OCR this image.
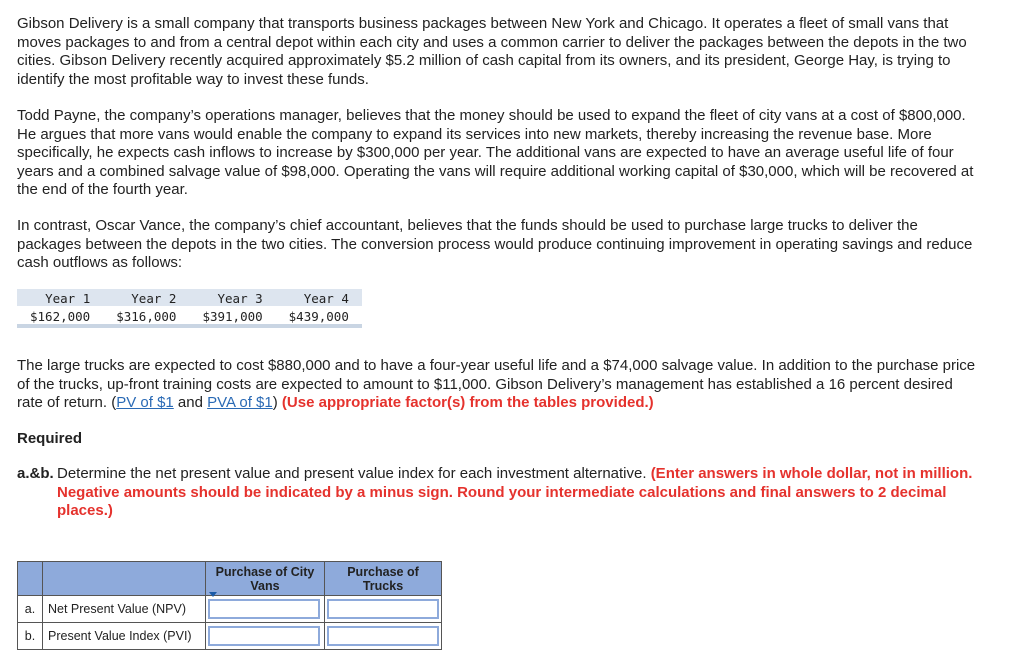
Gibson Delivery is a small company that transports business packages between New York and Chicago. It operates a fleet of small vans that moves packages to and from a central depot within each city and uses a common carrier to deliver the packages between the depots in the two cities. Gibson Delivery recently acquired approximately $5.2 million of cash capital from its owners, and its president, George Hay, is trying to identify the most profitable way to invest these funds.
Todd Payne, the company’s operations manager, believes that the money should be used to expand the fleet of city vans at a cost of $800,000. He argues that more vans would enable the company to expand its services into new markets, thereby increasing the revenue base. More specifically, he expects cash inflows to increase by $300,000 per year. The additional vans are expected to have an average useful life of four years and a combined salvage value of $98,000. Operating the vans will require additional working capital of $30,000, which will be recovered at the end of the fourth year.
In contrast, Oscar Vance, the company’s chief accountant, believes that the funds should be used to purchase large trucks to deliver the packages between the depots in the two cities. The conversion process would produce continuing improvement in operating savings and reduce cash outflows as follows:
Year 1	Year 2	Year 3	Year 4
$162,000	$316,000	$391,000	$439,000
The large trucks are expected to cost $880,000 and to have a four-year useful life and a $74,000 salvage value. In addition to the purchase price of the trucks, up-front training costs are expected to amount to $11,000. Gibson Delivery’s management has established a 16 percent desired rate of return. (PV of $1 and PVA of $1) (Use appropriate factor(s) from the tables provided.)
Required
a.&b. Determine the net present value and present value index for each investment alternative. (Enter answers in whole dollar, not in million. Negative amounts should be indicated by a minus sign. Round your intermediate calculations and final answers to 2 decimal places.)
		Purchase of City Vans	Purchase of Trucks
a.	Net Present Value (NPV)		
b.	Present Value Index (PVI)		
